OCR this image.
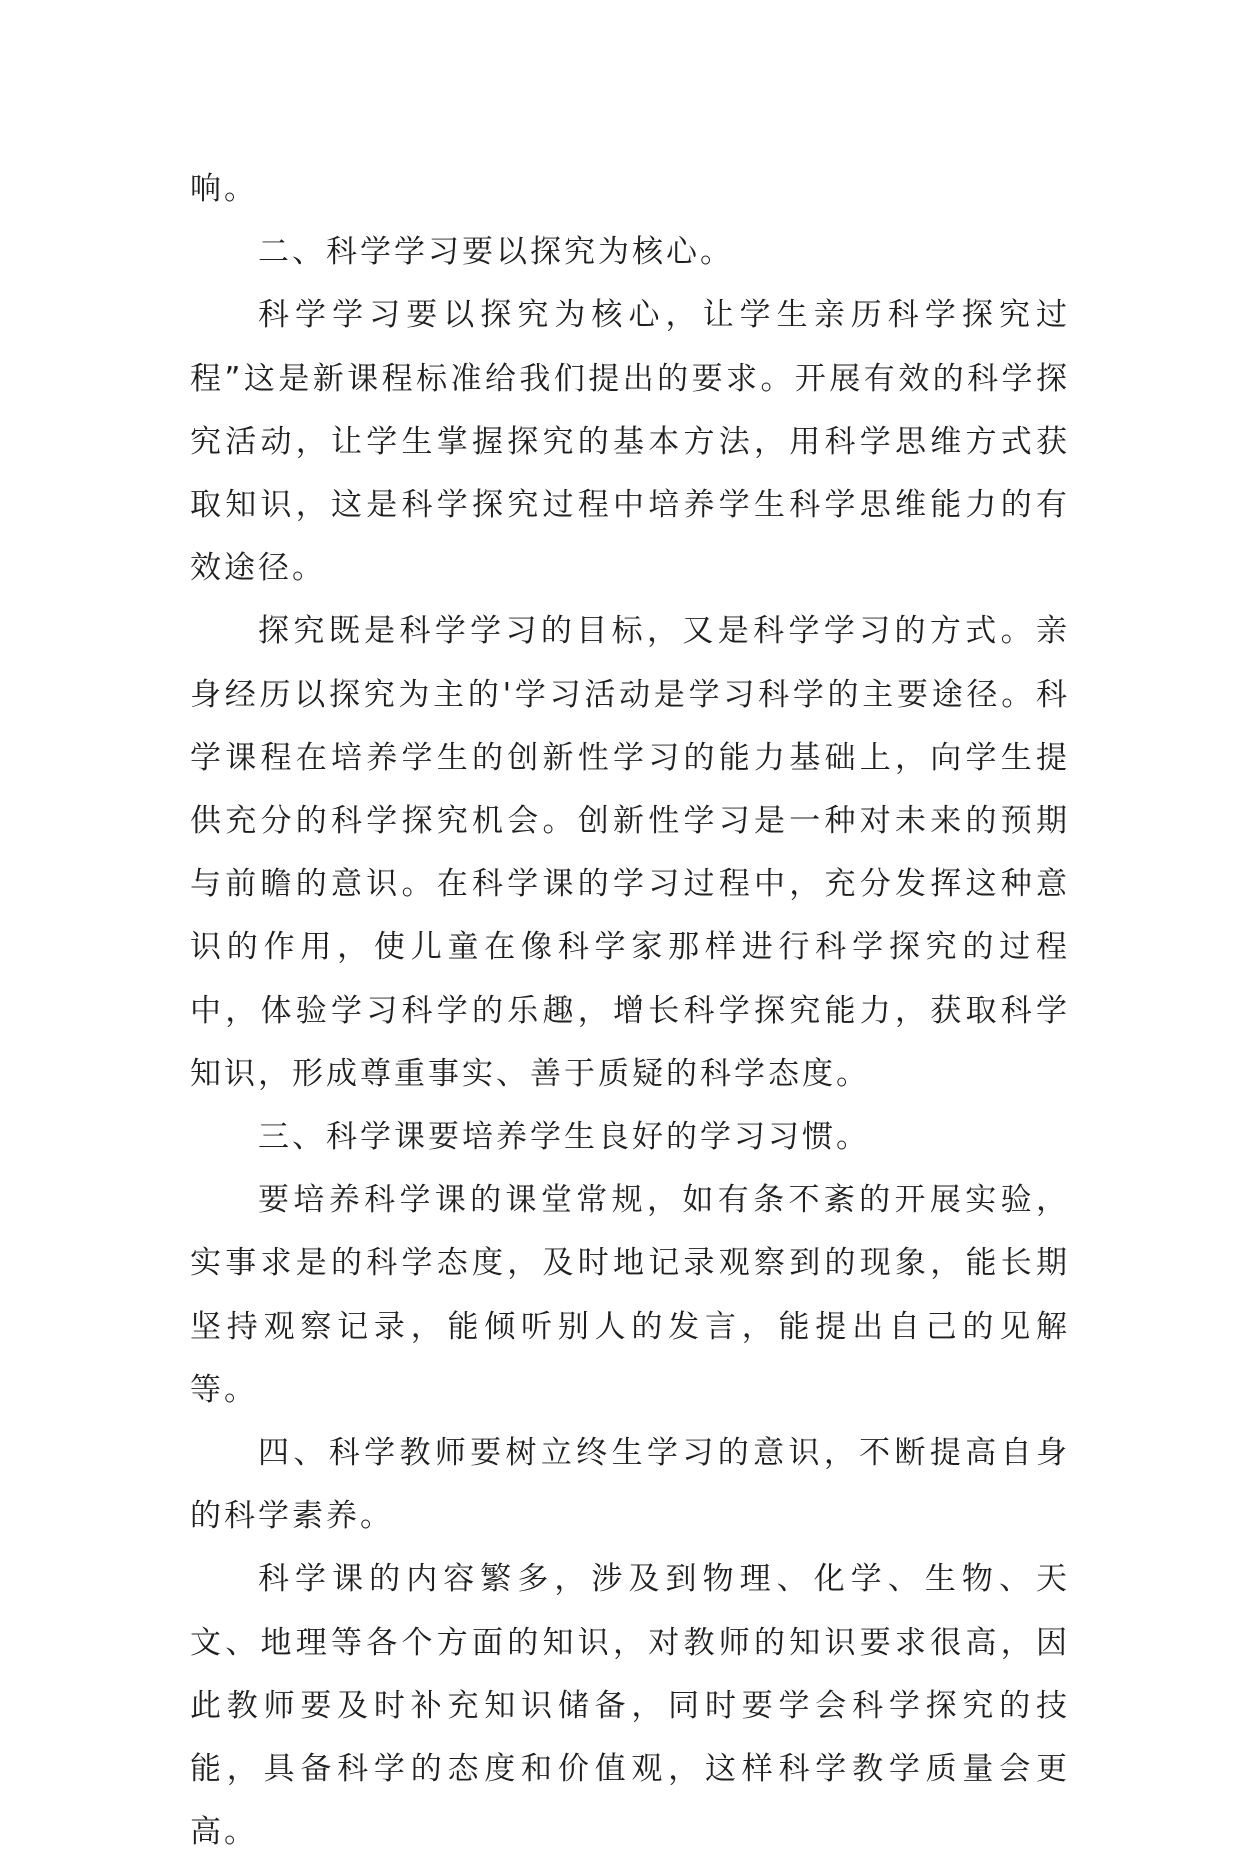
响。

二、科学学习要以探究为核心。

科学学习要以探究为核心，让学生亲历科学探究过程”这是新课程标准给我们提出的要求。开展有效的科学探究活动，让学生掌握探究的基本方法，用科学思维方式获取知识，这是科学探究过程中培养学生科学思维能力的有效途径。

探究既是科学学习的目标，又是科学学习的方式。亲身经历以探究为主的'学习活动是学习科学的主要途径。科学课程在培养学生的创新性学习的能力基础上，向学生提供充分的科学探究机会。创新性学习是一种对未来的预期与前瞻的意识。在科学课的学习过程中，充分发挥这种意识的作用，使儿童在像科学家那样进行科学探究的过程中，体验学习科学的乐趣，增长科学探究能力，获取科学知识，形成尊重事实、善于质疑的科学态度。

三、科学课要培养学生良好的学习习惯。

要培养科学课的课堂常规，如有条不紊的开展实验，实事求是的科学态度，及时地记录观察到的现象，能长期坚持观察记录，能倾听别人的发言，能提出自己的见解等。

四、科学教师要树立终生学习的意识，不断提高自身的科学素养。

科学课的内容繁多，涉及到物理、化学、生物、天文、地理等各个方面的知识，对教师的知识要求很高，因此教师要及时补充知识储备，同时要学会科学探究的技能，具备科学的态度和价值观，这样科学教学质量会更高。
